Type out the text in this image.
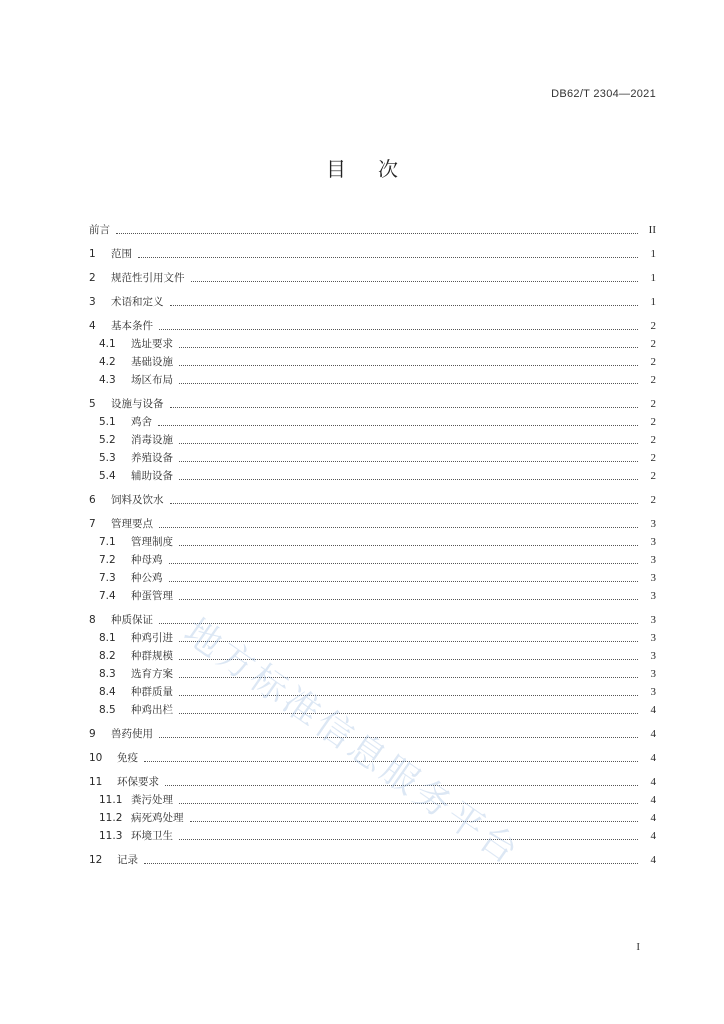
DB62/T 2304—2021
目 次
前言	II
1	范围	1
2	规范性引用文件	1
3	术语和定义	1
4	基本条件	2
4.1	选址要求	2
4.2	基础设施	2
4.3	场区布局	2
5	设施与设备	2
5.1	鸡舍	2
5.2	消毒设施	2
5.3	养殖设备	2
5.4	辅助设备	2
6	饲料及饮水	2
7	管理要点	3
7.1	管理制度	3
7.2	种母鸡	3
7.3	种公鸡	3
7.4	种蛋管理	3
8	种质保证	3
8.1	种鸡引进	3
8.2	种群规模	3
8.3	选育方案	3
8.4	种群质量	3
8.5	种鸡出栏	4
9	兽药使用	4
10	免疫	4
11	环保要求	4
11.1 粪污处理	4
11.2 病死鸡处理	4
11.3 环境卫生	4
12	记录	4
地方标准信息服务平台
I
